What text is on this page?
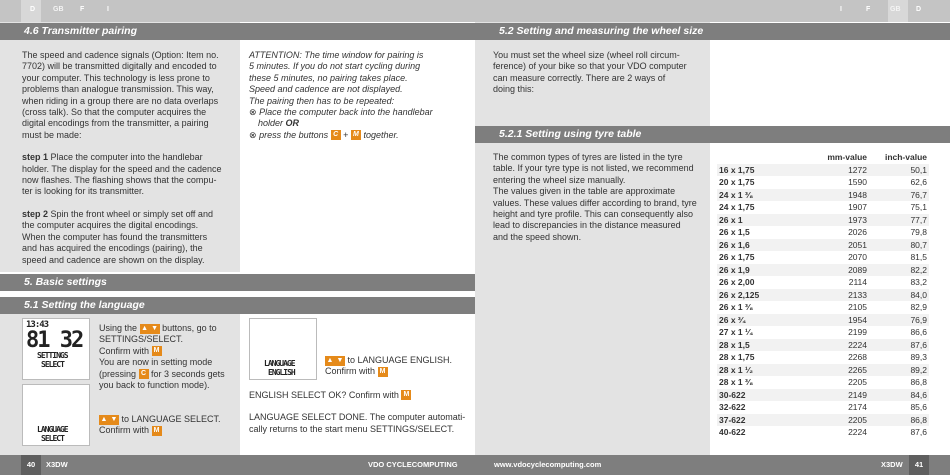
D	GB F	I	I	F	GB D
4.6 Transmitter pairing
The speed and cadence signals (Option: Item no.
7702) will be transmitted digitally and encoded to
your computer. This technology is less prone to
problems than analogue transmission. This way,
when riding in a group there are no data overlaps
(cross talk). So that the computer acquires the
digital encodings from the transmitter, a pairing
must be made:
step 1 Place the computer into the handlebar
holder. The display for the speed and the cadence
now flashes. The flashing shows that the compu-
ter is looking for its transmitter.
step 2 Spin the front wheel or simply set off and
the computer acquires the digital encodings.
When the computer has found the transmitters
and has acquired the encodings (pairing), the
speed and cadence are shown on the display.
ATTENTION: The time window for pairing is
5 minutes. If you do not start cycling during
these 5 minutes, no pairing takes place.
Speed and cadence are not displayed.
The pairing then has to be repeated:
⊗ Place the computer back into the handlebar
holder OR
⊗ press the buttons C + M together.
5. Basic settings
5.1 Setting the language
13:43
81 32
SETTINGS
SELECT
LANGUAGE
SELECT
LANGUAGE
ENGLISH
Using the ▲ ▼ buttons, go to
SETTINGS/SELECT.
Confirm with M
You are now in setting mode
(pressing C for 3 seconds gets
you back to function mode).
▲ ▼ to LANGUAGE SELECT.
Confirm with M
▲ ▼ to LANGUAGE ENGLISH.
Confirm with M
ENGLISH SELECT OK? Confirm with M
LANGUAGE SELECT DONE. The computer automati-
cally returns to the start menu SETTINGS/SELECT.
5.2 Setting and measuring the wheel size
You must set the wheel size (wheel roll circum-
ference) of your bike so that your VDO computer
can measure correctly. There are 2 ways of
doing this:
5.2.1 Setting using tyre table
The common types of tyres are listed in the tyre
table. If your tyre type is not listed, we recommend
entering the wheel size manually.
The values given in the table are approximate
values. These values differ according to brand, tyre
height and tyre profile. This can consequently also
lead to discrepancies in the distance measured
and the speed shown.
	mm-value	inch-value
16 x 1,75	1272	50,1
20 x 1,75	1590	62,6
24 x 1 ³⁄₈	1948	76,7
24 x 1,75	1907	75,1
26 x 1	1973	77,7
26 x 1,5	2026	79,8
26 x 1,6	2051	80,7
26 x 1,75	2070	81,5
26 x 1,9	2089	82,2
26 x 2,00	2114	83,2
26 x 2,125	2133	84,0
26 x 1 ³⁄₈	2105	82,9
26 x ³⁄₄	1954	76,9
27 x 1 ¹⁄₄	2199	86,6
28 x 1,5	2224	87,6
28 x 1,75	2268	89,3
28 x 1 ¹⁄₂	2265	89,2
28 x 1 ³⁄₈	2205	86,8
30-622	2149	84,6
32-622	2174	85,6
37-622	2205	86,8
40-622	2224	87,6
40	X3DW	VDO CYCLECOMPUTING	www.vdocyclecomputing.com	X3DW	41
